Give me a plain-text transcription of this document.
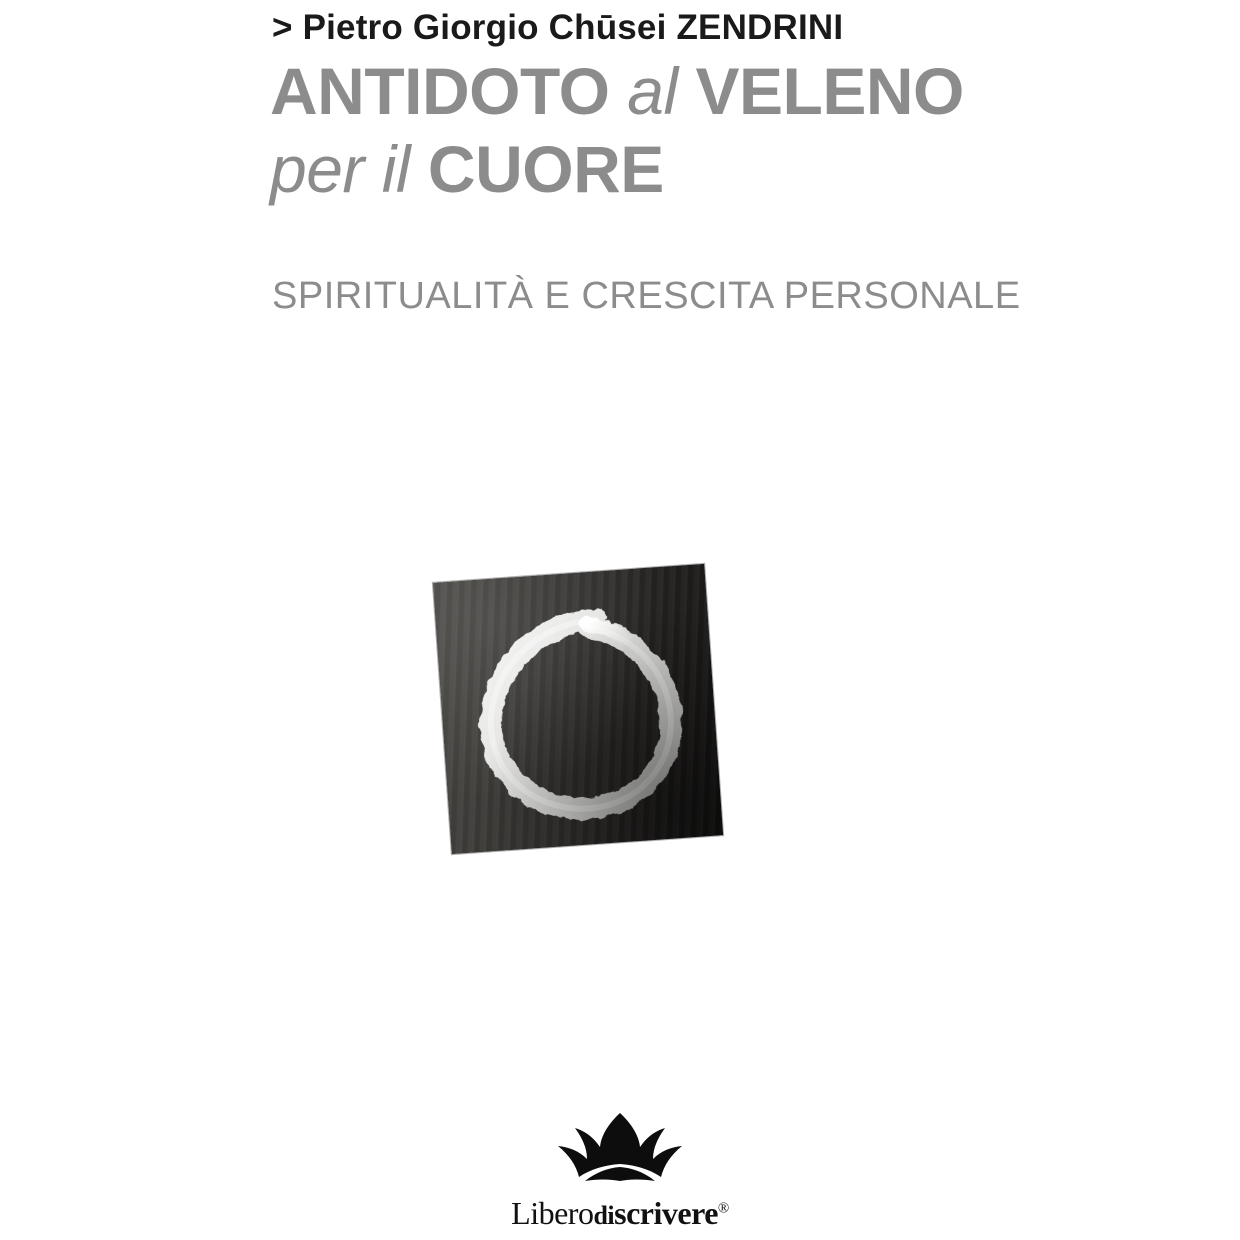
> Pietro Giorgio Chūsei ZENDRINI
ANTIDOTO al VELENO
per il CUORE
SPIRITUALITÀ E CRESCITA PERSONALE
Liberodiscrivere®
